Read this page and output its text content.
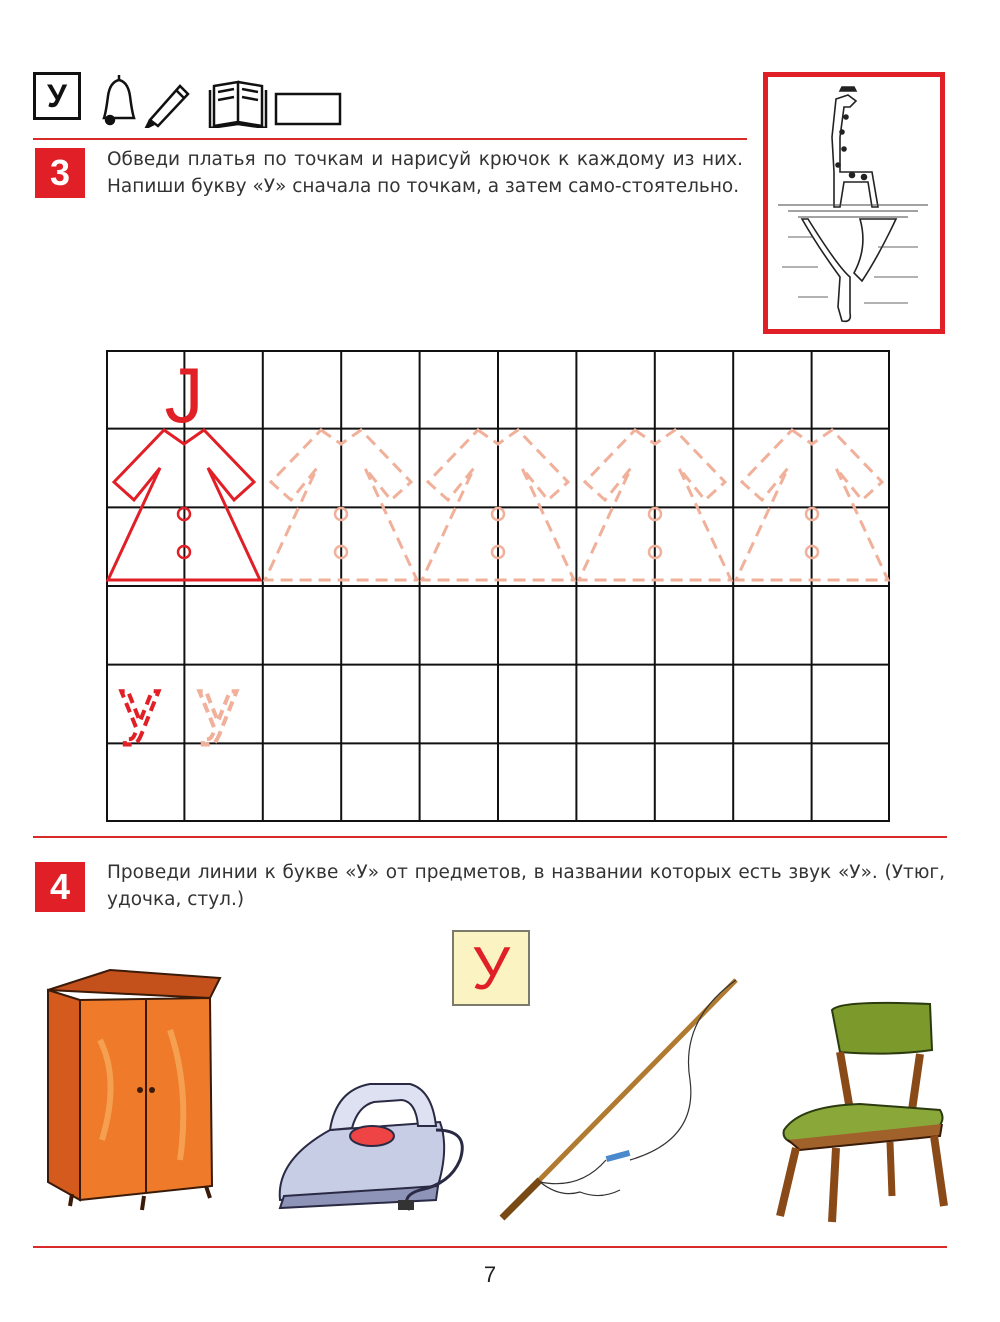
У
3	Обведи платья по точкам и нарисуй крючок к каждому из них. Напиши букву «У» сначала по точкам, а затем само-стоятельно.
J
у у
4	Проведи линии к букве «У» от предметов, в названии которых есть звук «У». (Утюг, удочка, стул.)
У
7
